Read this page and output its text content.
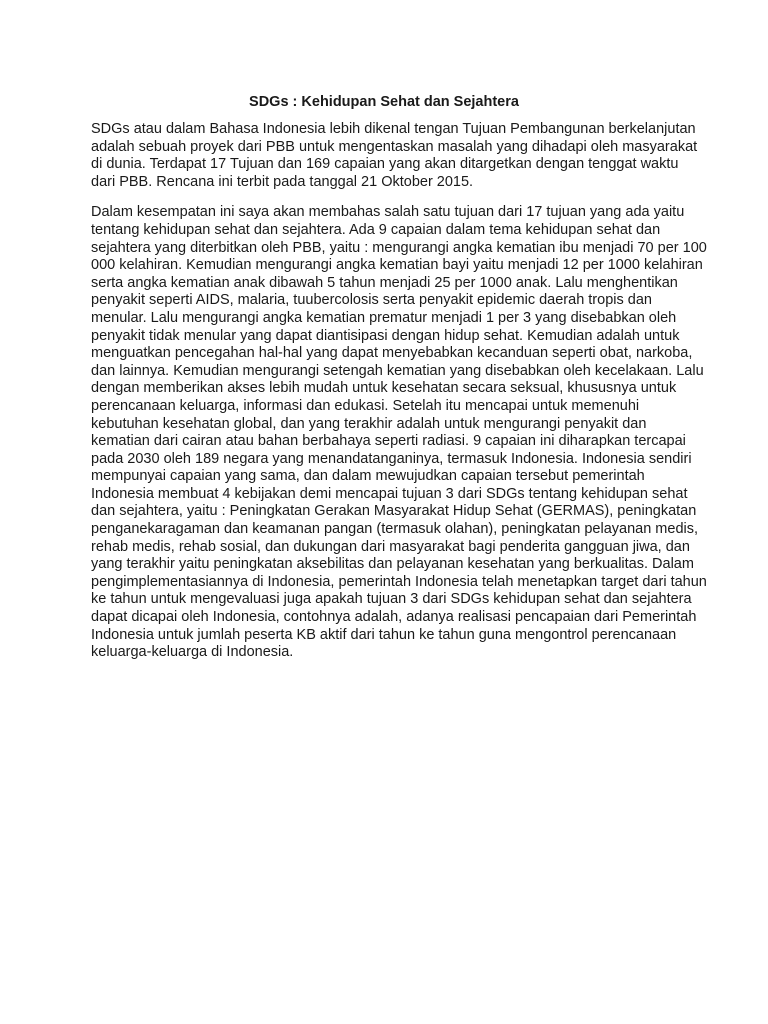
SDGs : Kehidupan Sehat dan Sejahtera

SDGs atau dalam Bahasa Indonesia lebih dikenal tengan Tujuan Pembangunan berkelanjutan
adalah sebuah proyek dari PBB untuk mengentaskan masalah yang dihadapi oleh masyarakat
di dunia. Terdapat 17 Tujuan dan 169 capaian yang akan ditargetkan dengan tenggat waktu
dari PBB. Rencana ini terbit pada tanggal 21 Oktober 2015.

Dalam kesempatan ini saya akan membahas salah satu tujuan dari 17 tujuan yang ada yaitu
tentang kehidupan sehat dan sejahtera. Ada 9 capaian dalam tema kehidupan sehat dan
sejahtera yang diterbitkan oleh PBB, yaitu : mengurangi angka kematian ibu menjadi 70 per 100
000 kelahiran. Kemudian mengurangi angka kematian bayi yaitu menjadi 12 per 1000 kelahiran
serta angka kematian anak dibawah 5 tahun menjadi 25 per 1000 anak. Lalu menghentikan
penyakit seperti AIDS, malaria, tuubercolosis serta penyakit epidemic daerah tropis dan
menular. Lalu mengurangi angka kematian prematur menjadi 1 per 3 yang disebabkan oleh
penyakit tidak menular yang dapat diantisipasi dengan hidup sehat. Kemudian adalah untuk
menguatkan pencegahan hal-hal yang dapat menyebabkan kecanduan seperti obat, narkoba,
dan lainnya. Kemudian mengurangi setengah kematian yang disebabkan oleh kecelakaan. Lalu
dengan memberikan akses lebih mudah untuk kesehatan secara seksual, khususnya untuk
perencanaan keluarga, informasi dan edukasi. Setelah itu mencapai untuk memenuhi
kebutuhan kesehatan global, dan yang terakhir adalah untuk mengurangi penyakit dan
kematian dari cairan atau bahan berbahaya seperti radiasi. 9 capaian ini diharapkan tercapai
pada 2030 oleh 189 negara yang menandatanganinya, termasuk Indonesia. Indonesia sendiri
mempunyai capaian yang sama, dan dalam mewujudkan capaian tersebut pemerintah
Indonesia membuat 4 kebijakan demi mencapai tujuan 3 dari SDGs tentang kehidupan sehat
dan sejahtera, yaitu : Peningkatan Gerakan Masyarakat Hidup Sehat (GERMAS), peningkatan
penganekaragaman dan keamanan pangan (termasuk olahan), peningkatan pelayanan medis,
rehab medis, rehab sosial, dan dukungan dari masyarakat bagi penderita gangguan jiwa, dan
yang terakhir yaitu peningkatan aksebilitas dan pelayanan kesehatan yang berkualitas. Dalam
pengimplementasiannya di Indonesia, pemerintah Indonesia telah menetapkan target dari tahun
ke tahun untuk mengevaluasi juga apakah tujuan 3 dari SDGs kehidupan sehat dan sejahtera
dapat dicapai oleh Indonesia, contohnya adalah, adanya realisasi pencapaian dari Pemerintah
Indonesia untuk jumlah peserta KB aktif dari tahun ke tahun guna mengontrol perencanaan
keluarga-keluarga di Indonesia.
